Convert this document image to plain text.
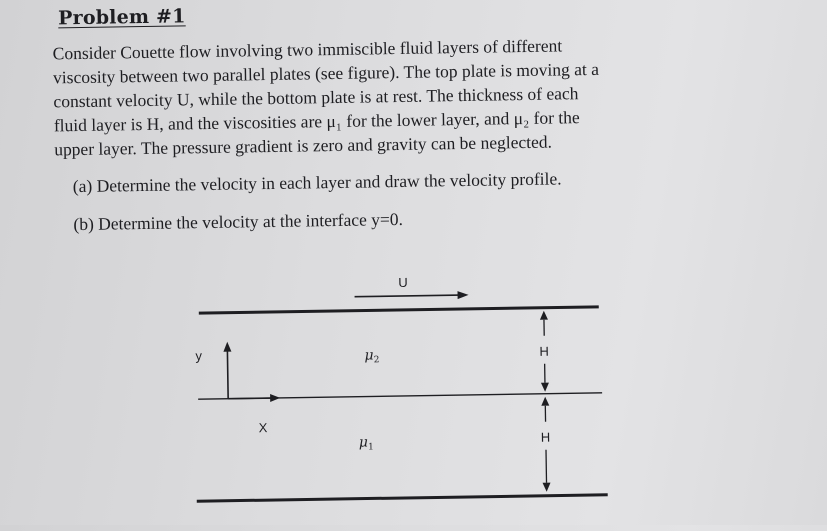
Problem #1
Consider Couette flow involving two immiscible fluid layers of different
viscosity between two parallel plates (see figure). The top plate is moving at a
constant velocity U, while the bottom plate is at rest. The thickness of each
fluid layer is H, and the viscosities are μ₁ for the lower layer, and μ₂ for the
upper layer. The pressure gradient is zero and gravity can be neglected.
(a) Determine the velocity in each layer and draw the velocity profile.
(b) Determine the velocity at the interface y=0.
U
y
X
$\mu_2$
$\mu_1$
H
H
